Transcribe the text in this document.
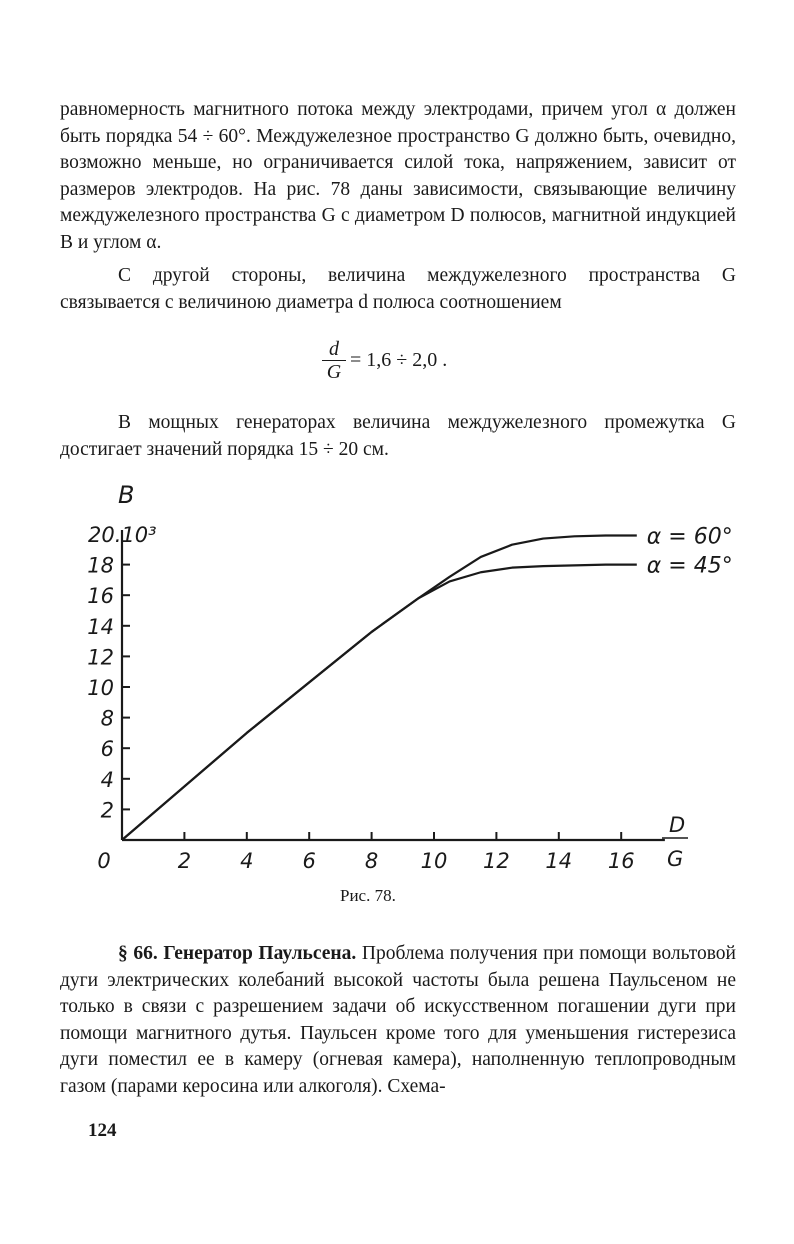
равномерность магнитного потока между электродами, причем угол α должен быть порядка 54 ÷ 60°. Междужелезное пространство G должно быть, очевидно, возможно меньше, но ограничивается силой тока, напряжением, зависит от размеров электродов. На рис. 78 даны зависимости, связывающие величину междужелезного пространства G с диаметром D полюсов, магнитной индукцией B и углом α.

С другой стороны, величина междужелезного пространства G связывается с величиною диаметра d полюса соотношением

$\frac{d}{G} = 1,6 \div 2,0$ .

В мощных генераторах величина междужелезного промежутка G достигает значений порядка 15 ÷ 20 см.

2
4
6
8
10
12
14
16
18
20.10³
B
0	2 4 6 8 10 12 14 16
D
G
α = 60°
α = 45°

Рис. 78.

§ 66. Генератор Паульсена. Проблема получения при помощи вольтовой дуги электрических колебаний высокой частоты была решена Паульсеном не только в связи с разрешением задачи об искусственном погашении дуги при помощи магнитного дутья. Паульсен кроме того для уменьшения гистерезиса дуги поместил ее в камеру (огневая камера), наполненную теплопроводным газом (парами керосина или алкоголя). Схема-

124
